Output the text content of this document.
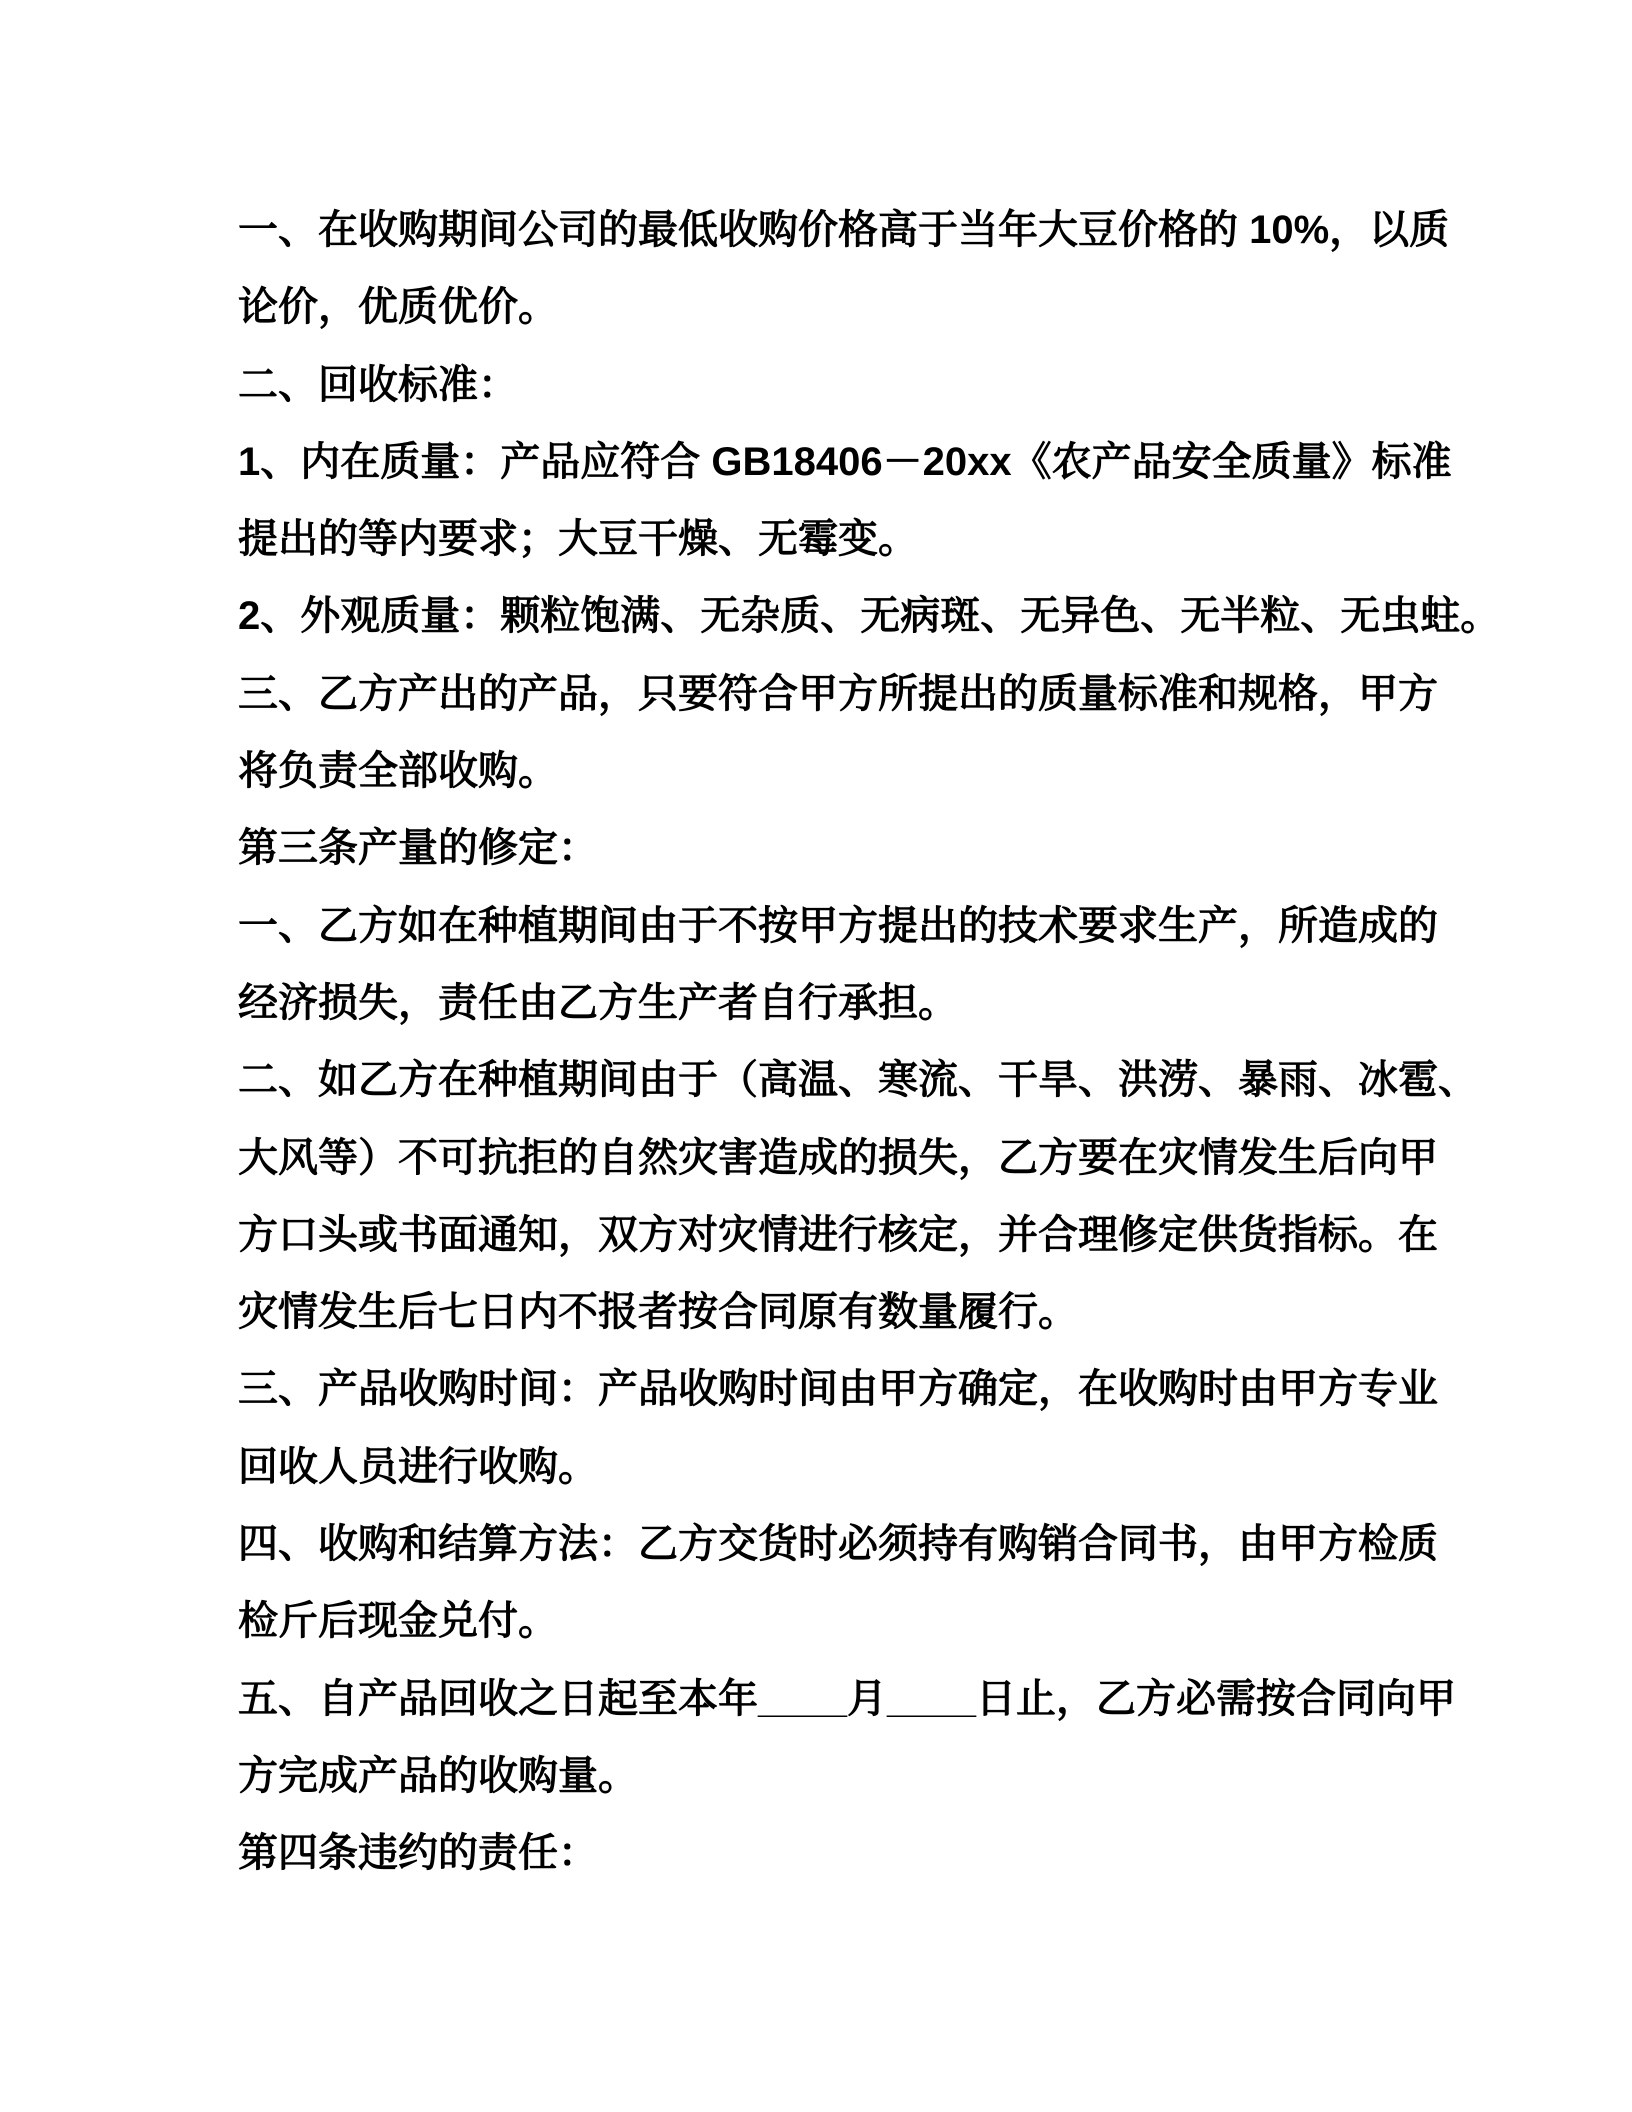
一、在收购期间公司的最低收购价格高于当年大豆价格的 10%，以质
论价，优质优价。
二、回收标准：
1、内在质量：产品应符合 GB18406－20xx《农产品安全质量》标准
提出的等内要求；大豆干燥、无霉变。
2、外观质量：颗粒饱满、无杂质、无病斑、无异色、无半粒、无虫蛀。
三、乙方产出的产品，只要符合甲方所提出的质量标准和规格，甲方
将负责全部收购。
第三条产量的修定：
一、乙方如在种植期间由于不按甲方提出的技术要求生产，所造成的
经济损失，责任由乙方生产者自行承担。
二、如乙方在种植期间由于（高温、寒流、干旱、洪涝、暴雨、冰雹、
大风等）不可抗拒的自然灾害造成的损失，乙方要在灾情发生后向甲
方口头或书面通知，双方对灾情进行核定，并合理修定供货指标。在
灾情发生后七日内不报者按合同原有数量履行。
三、产品收购时间：产品收购时间由甲方确定，在收购时由甲方专业
回收人员进行收购。
四、收购和结算方法：乙方交货时必须持有购销合同书，由甲方检质
检斤后现金兑付。
五、自产品回收之日起至本年____月____日止，乙方必需按合同向甲
方完成产品的收购量。
第四条违约的责任：
